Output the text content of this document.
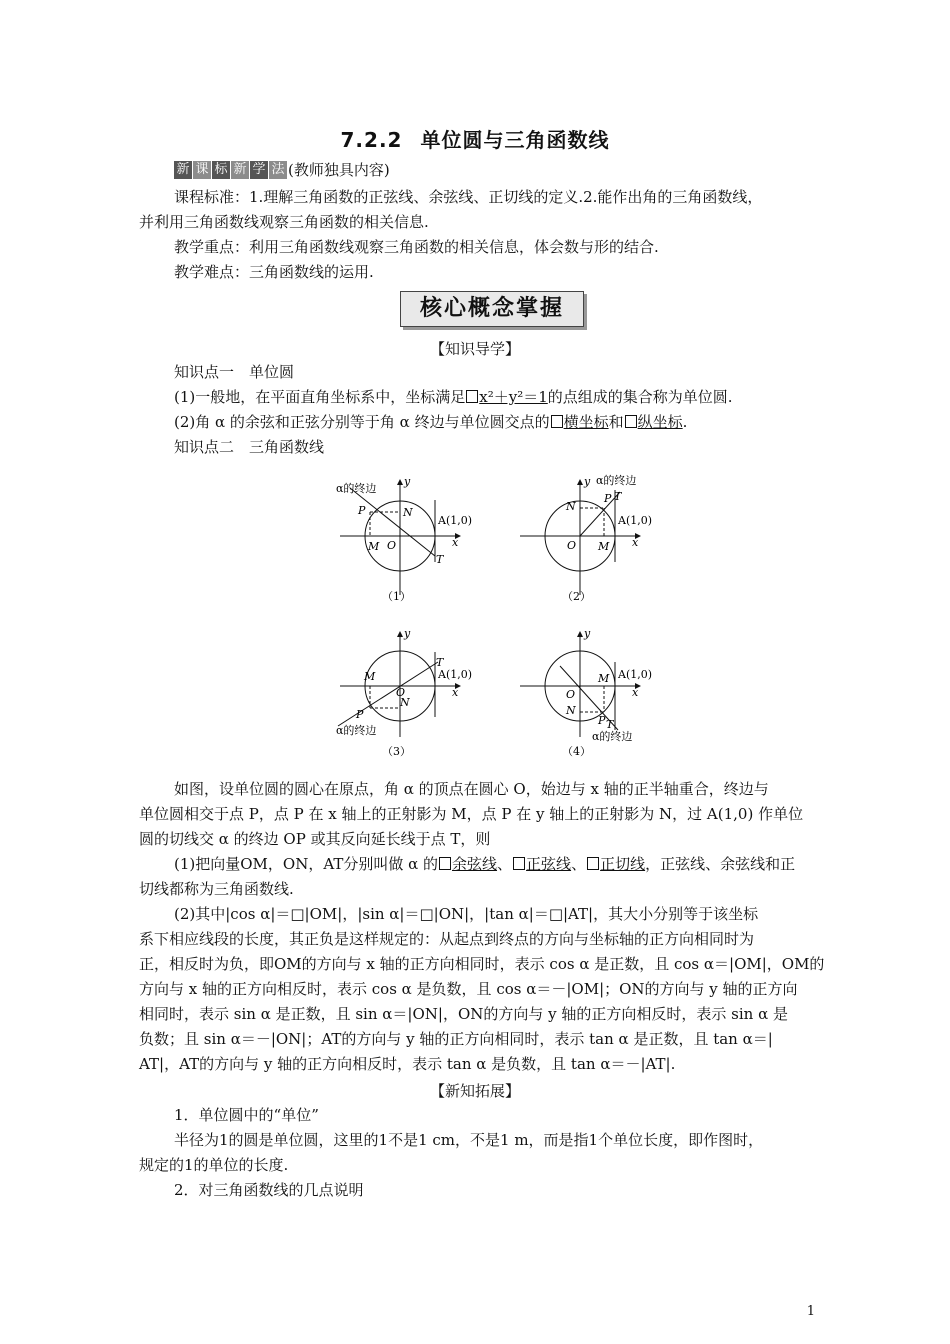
7.2.2 单位圆与三角函数线
新 课 标 新 学 法 (教师独具内容)
课程标准：1.理解三角函数的正弦线、余弦线、正切线的定义.2.能作出角的三角函数线，
并利用三角函数线观察三角函数的相关信息.
教学重点：利用三角函数线观察三角函数的相关信息，体会数与形的结合.
教学难点：三角函数线的运用.
核心概念掌握
【知识导学】
知识点一　单位圆
(1)一般地，在平面直角坐标系中，坐标满足 x²＋y²＝1的点组成的集合称为单位圆.
(2)角 α 的余弦和正弦分别等于角 α 终边与单位圆交点的 横坐标和 纵坐标.
知识点二　三角函数线
α的终边
P
M O
N
A(1,0)
T
x
y
（1）
α的终边
P T
N
M
O
A(1,0)
x
y
（2）
T
A(1,0)
M
O
N
P
x
y
α的终边
（3）
A(1,0)
M
O
N
P T
x
y
α的终边
（4）
如图，设单位圆的圆心在原点，角 α 的顶点在圆心 O，始边与 x 轴的正半轴重合，终边与
单位圆相交于点 P，点 P 在 x 轴上的正射影为 M，点 P 在 y 轴上的正射影为 N，过 A(1,0) 作单位
圆的切线交 α 的终边 OP 或其反向延长线于点 T，则
(1)把向量OM，ON，AT分别叫做 α 的 余弦线、 正弦线、 正切线，正弦线、余弦线和正
切线都称为三角函数线.
(2)其中|cos α|＝□|OM|，|sin α|＝□|ON|，|tan α|＝□|AT|，其大小分别等于该坐标
系下相应线段的长度，其正负是这样规定的：从起点到终点的方向与坐标轴的正方向相同时为
正，相反时为负，即OM的方向与 x 轴的正方向相同时，表示 cos α 是正数，且 cos α＝|OM|，OM的
方向与 x 轴的正方向相反时，表示 cos α 是负数，且 cos α＝－|OM|；ON的方向与 y 轴的正方向
相同时，表示 sin α 是正数，且 sin α＝|ON|，ON的方向与 y 轴的正方向相反时，表示 sin α 是
负数；且 sin α＝－|ON|；AT的方向与 y 轴的正方向相同时，表示 tan α 是正数，且 tan α＝|
AT|，AT的方向与 y 轴的正方向相反时，表示 tan α 是负数，且 tan α＝－|AT|.
【新知拓展】
1．单位圆中的“单位”
半径为1的圆是单位圆，这里的1不是1 cm，不是1 m，而是指1个单位长度，即作图时，
规定的1的单位的长度.
2．对三角函数线的几点说明
1
